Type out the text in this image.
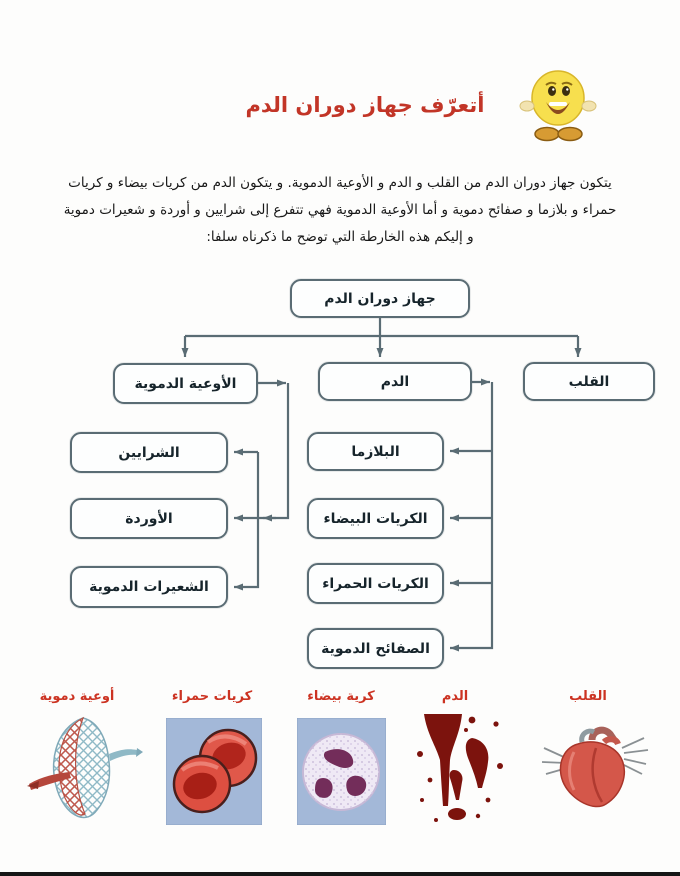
أتعرّف جهاز دوران الدم
يتكون جهاز دوران الدم من القلب و الدم و الأوعية الدموية. و يتكون الدم من كريات بيضاء و كريات
حمراء و بلازما و صفائح دموية و أما الأوعية الدموية فهي تتفرع إلى شرايين و أوردة و شعيرات دموية
و إليكم هذه الخارطة التي توضح ما ذكرناه سلفا:
جهاز دوران الدم
القلب
الدم
الأوعية الدموية
الشرايين
الأوردة
الشعيرات الدموية
البلازما
الكريات البيضاء
الكريات الحمراء
الصفائح الدموية
أوعية دموية	كريات حمراء	كرية بيضاء	الدم	القلب
